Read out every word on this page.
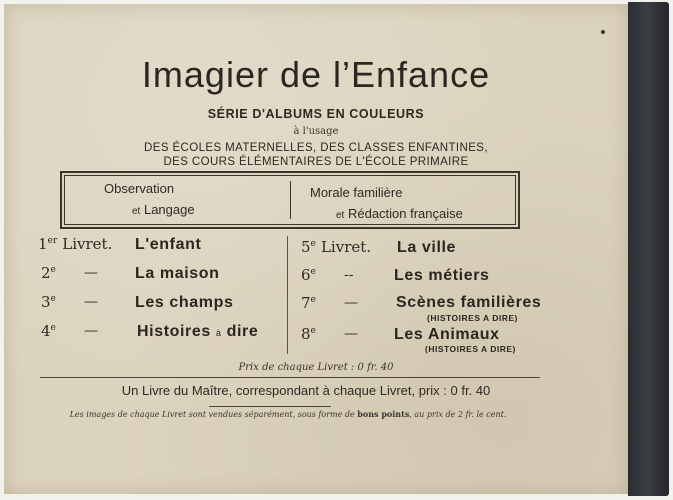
Imagier de l’Enfance
SÉRIE D'ALBUMS EN COULEURS
à l'usage
DES ÉCOLES MATERNELLES, DES CLASSES ENFANTINES,
DES COURS ÉLÉMENTAIRES DE L'ÉCOLE PRIMAIRE
Observation
et Langage
Morale familière
et Rédaction française
1er Livret. L'enfant
2e — La maison
3e — Les champs
4e — Histoires à dire
5e Livret. La ville
6e --	Les métiers
7e — Scènes familières
(HISTOIRES A DIRE)
8e — Les Animaux
(HISTOIRES A DIRE)
Prix de chaque Livret : 0 fr. 40
Un Livre du Maître, correspondant à chaque Livret, prix : 0 fr. 40
Les images de chaque Livret sont vendues séparément, sous forme de bons points, au prix de 2 fr. le cent.
